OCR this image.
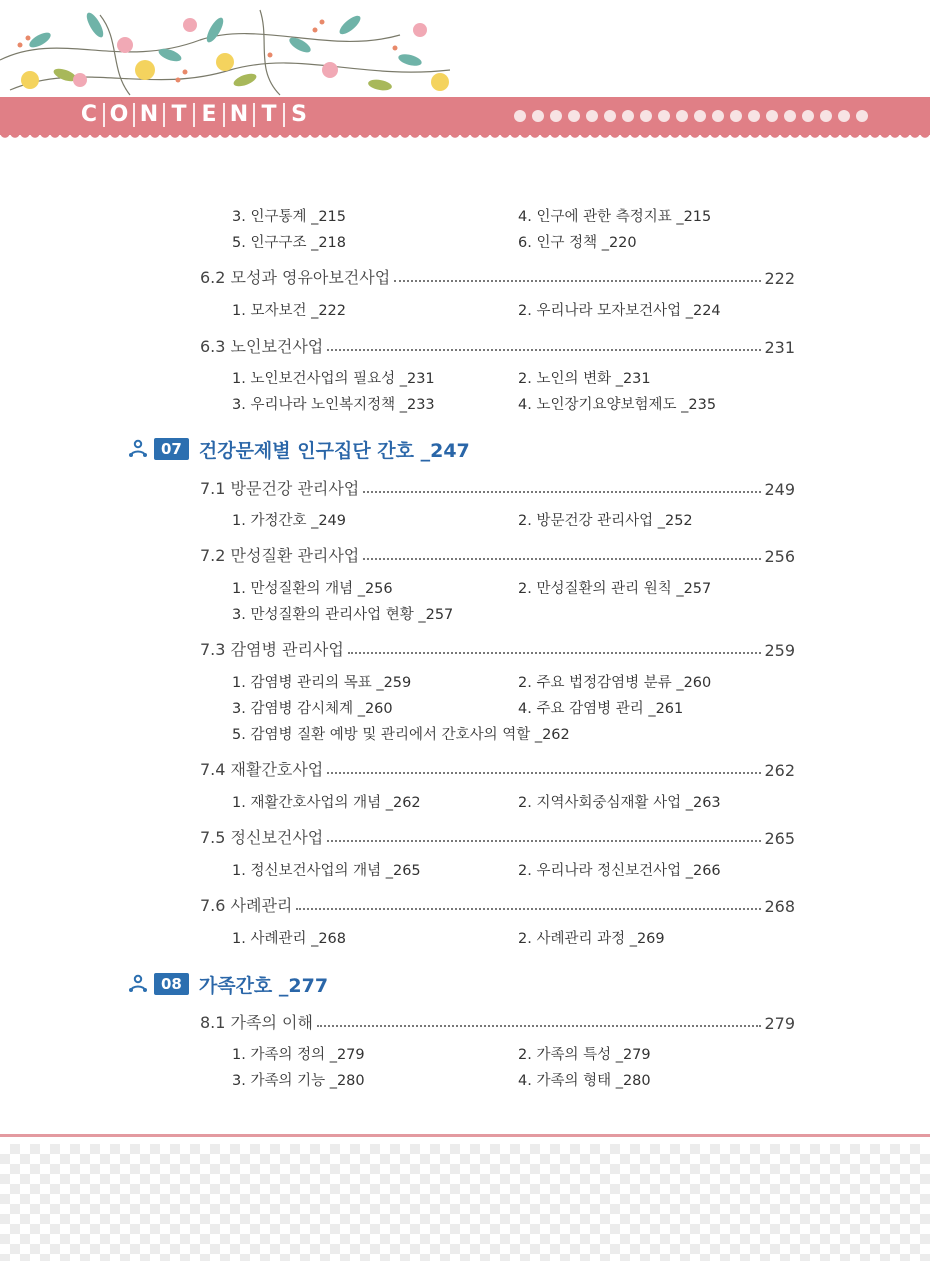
C O N T E N T S
3. 인구통계 _215	4. 인구에 관한 측정지표 _215
5. 인구구조 _218	6. 인구 정책 _220
6.2 모성과 영유아보건사업	222
1. 모자보건 _222	2. 우리나라 모자보건사업 _224
6.3 노인보건사업	231
1. 노인보건사업의 필요성 _231	2. 노인의 변화 _231
3. 우리나라 노인복지정책 _233	4. 노인장기요양보험제도 _235
07 건강문제별 인구집단 간호 _247
7.1 방문건강 관리사업	249
1. 가정간호 _249	2. 방문건강 관리사업 _252
7.2 만성질환 관리사업	256
1. 만성질환의 개념 _256	2. 만성질환의 관리 원칙 _257
3. 만성질환의 관리사업 현황 _257
7.3 감염병 관리사업	259
1. 감염병 관리의 목표 _259	2. 주요 법정감염병 분류 _260
3. 감염병 감시체계 _260	4. 주요 감염병 관리 _261
5. 감염병 질환 예방 및 관리에서 간호사의 역할 _262
7.4 재활간호사업	262
1. 재활간호사업의 개념 _262	2. 지역사회중심재활 사업 _263
7.5 정신보건사업	265
1. 정신보건사업의 개념 _265	2. 우리나라 정신보건사업 _266
7.6 사례관리	268
1. 사례관리 _268	2. 사례관리 과정 _269
08 가족간호 _277
8.1 가족의 이해	279
1. 가족의 정의 _279	2. 가족의 특성 _279
3. 가족의 기능 _280	4. 가족의 형태 _280
